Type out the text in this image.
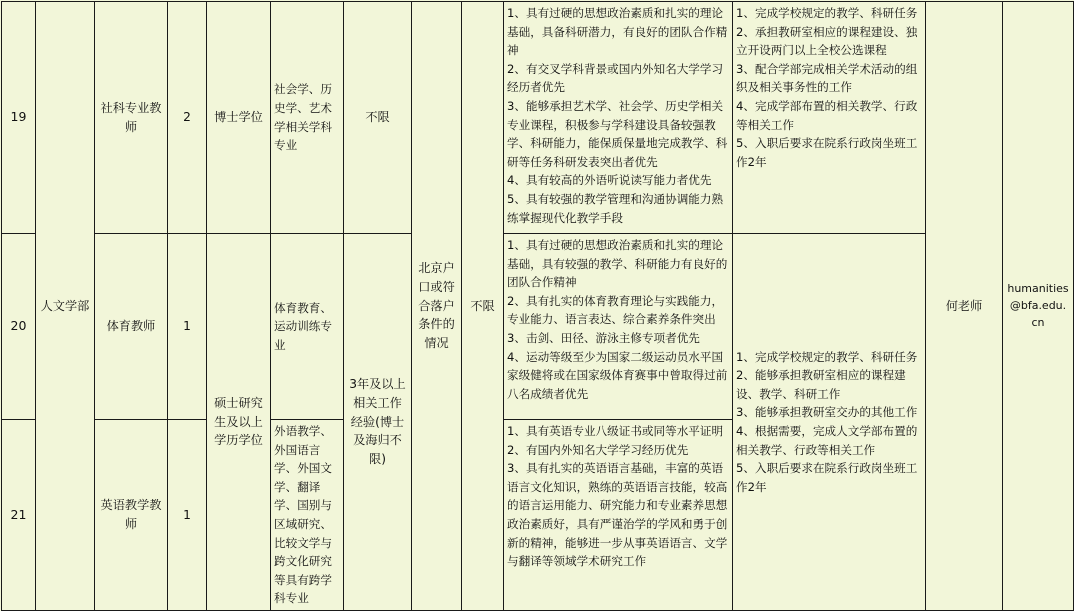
19	人文学部	社科专业教师	2	博士学位	社会学、历史学、艺术学相关学科专业	不限	北京户口或符合落户条件的情况	不限	1、具有过硬的思想政治素质和扎实的理论基础，具备科研潜力，有良好的团队合作精神
2、有交叉学科背景或国内外知名大学学习经历者优先
3、能够承担艺术学、社会学、历史学相关专业课程，积极参与学科建设具备较强教学、科研能力，能保质保量地完成教学、科研等任务科研发表突出者优先
4、具有较高的外语听说读写能力者优先
5、具有较强的教学管理和沟通协调能力熟练掌握现代化教学手段	1、完成学校规定的教学、科研任务
2、承担教研室相应的课程建设、独立开设两门以上全校公选课程
3、配合学部完成相关学术活动的组织及相关事务性的工作
4、完成学部布置的相关教学、行政等相关工作
5、入职后要求在院系行政岗坐班工作2年	何老师	humanities
@bfa.edu.cn

20		体育教师	1	硕士研究生及以上学历学位	体育教育、运动训练专业	3年及以上相关工作经验(博士及海归不限)			1、具有过硬的思想政治素质和扎实的理论基础，具有较强的教学、科研能力有良好的团队合作精神
2、具有扎实的体育教育理论与实践能力，专业能力、语言表达、综合素养条件突出
3、击剑、田径、游泳主修专项者优先
4、运动等级至少为国家二级运动员水平国家级健将或在国家级体育赛事中曾取得过前八名成绩者优先	1、完成学校规定的教学、科研任务
2、能够承担教研室相应的课程建设、教学、科研工作
3、能够承担教研室交办的其他工作
4、根据需要，完成人文学部布置的相关教学、行政等相关工作
5、入职后要求在院系行政岗坐班工作2年		

21		英语教学教师	1		外语教学、外国语言学、外国文学、翻译学、国别与区域研究、比较文学与跨文化研究等具有跨学科专业				1、具有英语专业八级证书或同等水平证明
2、有国内外知名大学学习经历优先
3、具有扎实的英语语言基础，丰富的英语语言文化知识，熟练的英语语言技能，较高的语言运用能力、研究能力和专业素养思想政治素质好，具有严谨治学的学风和勇于创新的精神，能够进一步从事英语语言、文学与翻译等领域学术研究工作			
